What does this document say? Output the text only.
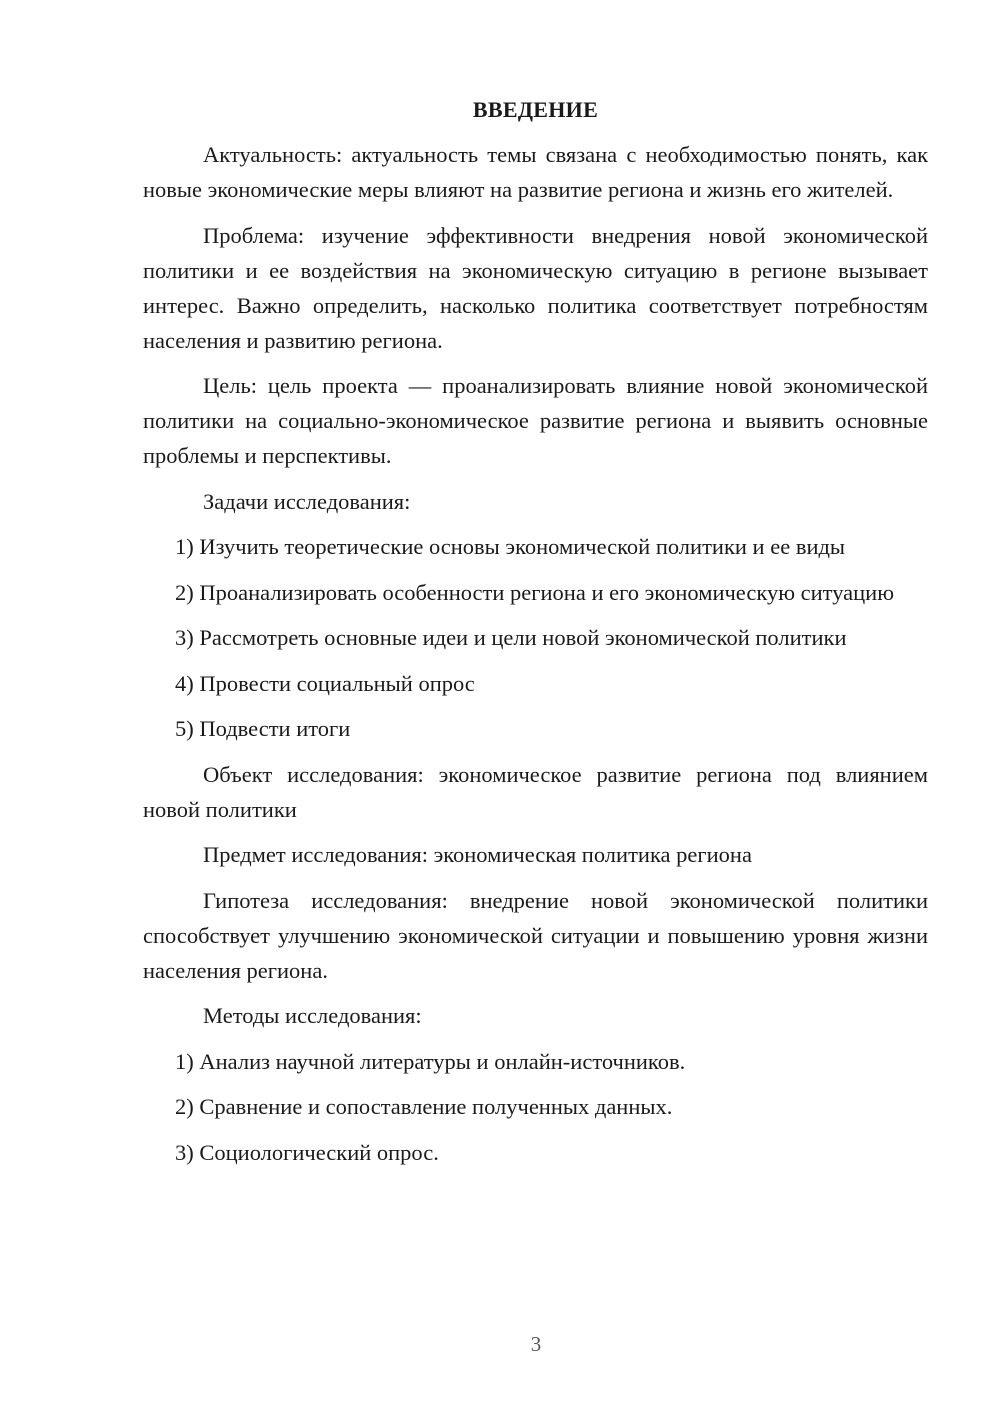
ВВЕДЕНИЕ

Актуальность: актуальность темы связана с необходимостью понять, как новые экономические меры влияют на развитие региона и жизнь его жителей.

Проблема: изучение эффективности внедрения новой экономической политики и ее воздействия на экономическую ситуацию в регионе вызывает интерес. Важно определить, насколько политика соответствует потребностям населения и развитию региона.

Цель: цель проекта — проанализировать влияние новой экономической политики на социально-экономическое развитие региона и выявить основные проблемы и перспективы.

Задачи исследования:

1) Изучить теоретические основы экономической политики и ее виды

2) Проанализировать особенности региона и его экономическую ситуацию

3) Рассмотреть основные идеи и цели новой экономической политики

4) Провести социальный опрос

5) Подвести итоги

Объект исследования: экономическое развитие региона под влиянием новой политики

Предмет исследования: экономическая политика региона

Гипотеза исследования: внедрение новой экономической политики способствует улучшению экономической ситуации и повышению уровня жизни населения региона.

Методы исследования:

1) Анализ научной литературы и онлайн-источников.

2) Сравнение и сопоставление полученных данных.

3) Социологический опрос.

3
